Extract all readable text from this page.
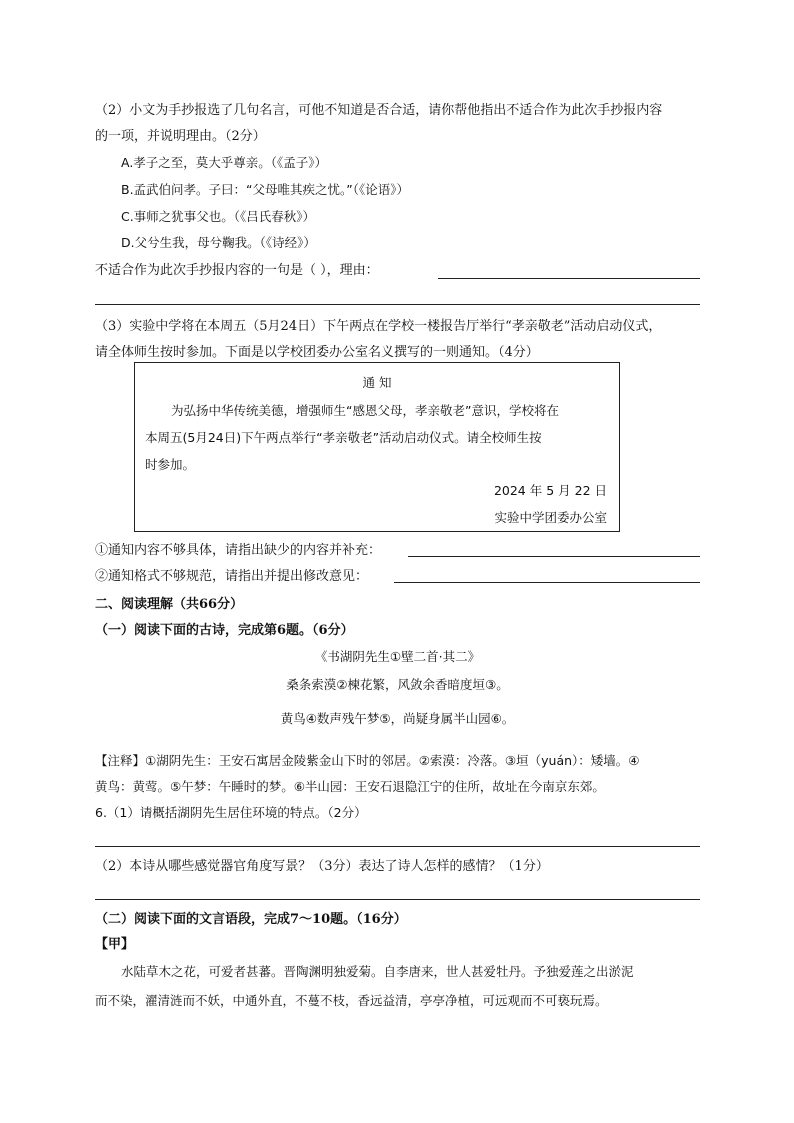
（2）小文为手抄报选了几句名言，可他不知道是否合适，请你帮他指出不适合作为此次手抄报内容
的一项，并说明理由。（2分）
A.孝子之至，莫大乎尊亲。（《孟子》）
B.孟武伯问孝。子曰：“父母唯其疾之忧。”（《论语》）
C.事师之犹事父也。（《吕氏春秋》）
D.父兮生我，母兮鞠我。（《诗经》）
不适合作为此次手抄报内容的一句是（ ），理由：
（3）实验中学将在本周五（5月24日）下午两点在学校一楼报告厅举行“孝亲敬老”活动启动仪式，
请全体师生按时参加。下面是以学校团委办公室名义撰写的一则通知。（4分）
通 知
为弘扬中华传统美德，增强师生“感恩父母，孝亲敬老”意识，学校将在
本周五(5月24日)下午两点举行“孝亲敬老”活动启动仪式。请全校师生按
时参加。
2024 年 5 月 22 日
实验中学团委办公室
①通知内容不够具体，请指出缺少的内容并补充：
②通知格式不够规范，请指出并提出修改意见：
二、阅读理解（共66分）
（一）阅读下面的古诗，完成第6题。（6分）
《书湖阴先生①壁二首·其二》
桑条索漠②楝花繁，风敛余香暗度垣③。
黄鸟④数声残午梦⑤，尚疑身属半山园⑥。
【注释】①湖阴先生：王安石寓居金陵紫金山下时的邻居。②索漠：冷落。③垣（yuán）：矮墙。④
黄鸟：黄莺。⑤午梦：午睡时的梦。⑥半山园：王安石退隐江宁的住所，故址在今南京东郊。
6.（1）请概括湖阴先生居住环境的特点。（2分）
（2）本诗从哪些感觉器官角度写景？（3分）表达了诗人怎样的感情？（1分）
（二）阅读下面的文言语段，完成7～10题。（16分）
【甲】
水陆草木之花，可爱者甚蕃。晋陶渊明独爱菊。自李唐来，世人甚爱牡丹。予独爱莲之出淤泥
而不染，濯清涟而不妖，中通外直，不蔓不枝，香远益清，亭亭净植，可远观而不可亵玩焉。
